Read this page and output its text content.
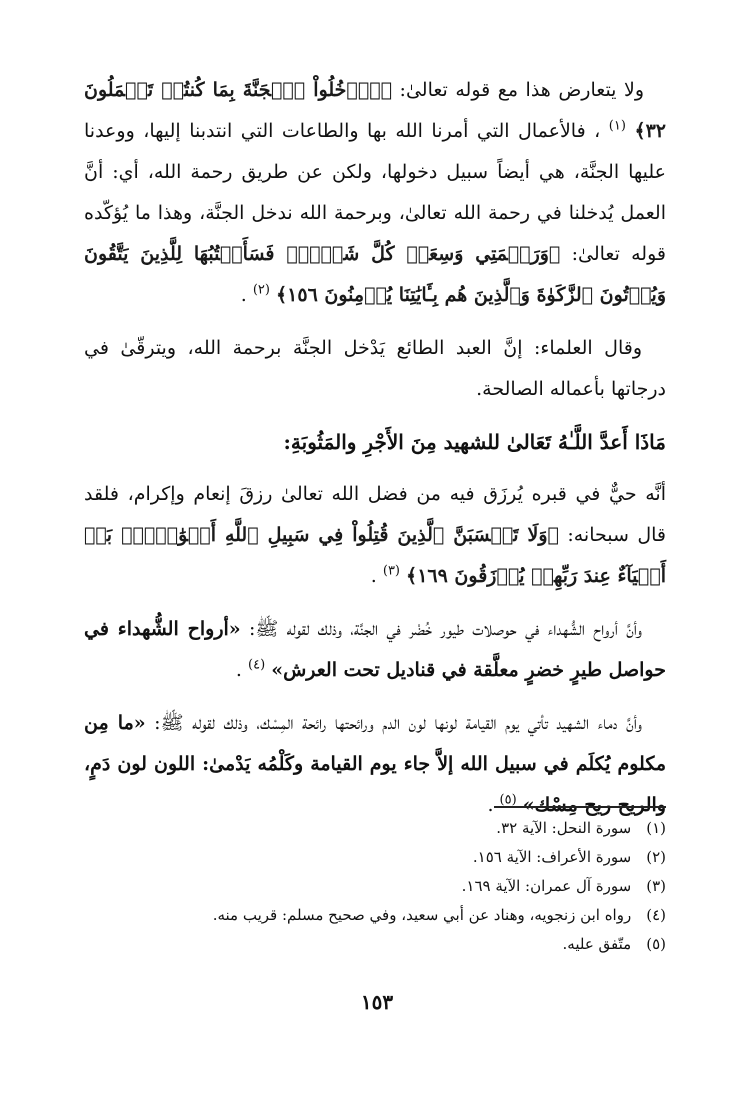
ولا يتعارض هذا مع قوله تعالىٰ: ﴿ٱدۡخُلُواْ ٱلۡجَنَّةَ بِمَا كُنتُمۡ تَعۡمَلُونَ ٣٢﴾ $^{(١)}$ ، فالأعمال التي أمرنا الله بها والطاعات التي انتدبنا إليها، ووعدنا عليها الجنَّة، هي أيضاً سبيل دخولها، ولكن عن طريق رحمة الله، أي: أنَّ العمل يُدخلنا في رحمة الله تعالىٰ، وبرحمة الله ندخل الجنَّة، وهذا ما يُؤكّده قوله تعالىٰ: ﴿وَرَحۡمَتِي وَسِعَتۡ كُلَّ شَيۡءٖۚ فَسَأَكۡتُبُهَا لِلَّذِينَ يَتَّقُونَ وَيُؤۡتُونَ ٱلزَّكَوٰةَ وَٱلَّذِينَ هُم بِـَٔايَٰتِنَا يُؤۡمِنُونَ ١٥٦﴾ $^{(٢)}$ .

وقال العلماء: إنَّ العبد الطائع يَدْخل الجنَّة برحمة الله، ويترقّىٰ في درجاتها بأعماله الصالحة.

مَاذَا أَعدَّ اللَّـٰهُ تَعَالىٰ للشهيد مِنَ الأَجْرِ والمَثُوبَةِ:

أنَّه حيٌّ في قبره يُرزَق فيه من فضل الله تعالىٰ رزقَ إنعام وإكرام، فلقد قال سبحانه: ﴿وَلَا تَحۡسَبَنَّ ٱلَّذِينَ قُتِلُواْ فِي سَبِيلِ ٱللَّهِ أَمۡوَٰتَۢاۚ بَلۡ أَحۡيَآءٌ عِندَ رَبِّهِمۡ يُرۡزَقُونَ ١٦٩﴾ $^{(٣)}$ .

وأنَّ أرواح الشُّهداء في حوصلات طيور خُضْر في الجنَّة، وذلك لقوله ﷺ: «أرواح الشُّهداء في حواصل طيرٍ خضرٍ معلَّقة في قناديل تحت العرش» $^{(٤)}$ .

وأنَّ دماء الشهيد تأتي يوم القيامة لونها لون الدم ورائحتها رائحة المِسْك، وذلك لقوله ﷺ: «ما مِن مكلوم يُكلَم في سبيل الله إلاَّ جاء يوم القيامة وكَلْمُه يَدْمىٰ: اللون لون دَمٍ، والريح ريح مِسْك» $^{(٥)}$ .

(١) سورة النحل: الآية ٣٢.
(٢) سورة الأعراف: الآية ١٥٦.
(٣) سورة آل عمران: الآية ١٦٩.
(٤) رواه ابن زنجويه، وهناد عن أبي سعيد، وفي صحيح مسلم: قريب منه.
(٥) متّفق عليه.
١٥٣
